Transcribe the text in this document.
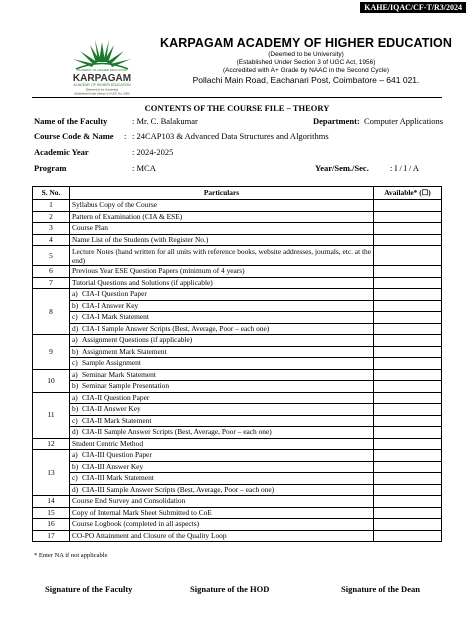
KAHE/IQAC/CF-T/R3/2024
ACADEMY OF HIGHER EDUCATION
KARPAGAM
ACADEMY OF HIGHER EDUCATION
(Deemed to be University)
(Established Under Section 3 of UGC Act, 1956)
KARPAGAM ACADEMY OF HIGHER EDUCATION
(Deemed to be University)
(Established Under Section 3 of UGC Act, 1956)
(Accredited with A+ Grade by NAAC in the Second Cycle)
Pollachi Main Road, Eachanari Post, Coimbatore – 641 021.
CONTENTS OF THE COURSE FILE – THEORY
Name of the Faculty	: Mr. C. Balakumar	Department: Computer Applications
Course Code & Name : : 24CAP103 & Advanced Data Structures and Algorithms
Academic Year	: 2024-2025
Program	: MCA	Year/Sem./Sec. : I / I / A
S. No.	Particulars	Available* (☐)
1	Syllabus Copy of the Course	
2	Pattern of Examination (CIA & ESE)	
3	Course Plan	
4	Name List of the Students (with Register No.)	
5	Lecture Notes (hand written for all units with reference books, website addresses, journals, etc. at the end)	
6	Previous Year ESE Question Papers (minimum of 4 years)	
7	Tutorial Questions and Solutions (if applicable)	
8	a) CIA-I Question Paper	

	b) CIA-I Answer Key	

	c) CIA-I Mark Statement	

	d) CIA-I Sample Answer Scripts (Best, Average, Poor – each one)	

9	a) Assignment Questions (if applicable)	

	b) Assignment Mark Statement	

	c) Sample Assignment	

10	a) Seminar Mark Statement	

	b) Seminar Sample Presentation	

11	a) CIA-II Question Paper	

	b) CIA-II Answer Key	

	c) CIA-II Mark Statement	

	d) CIA-II Sample Answer Scripts (Best, Average, Poor – each one)	

12	Student Centric Method	
13	a) CIA-III Question Paper	

	b) CIA-III Answer Key	

	c) CIA-III Mark Statement	

	d) CIA-III Sample Answer Scripts (Best, Average, Poor – each one)	

14	Course End Survey and Consolidation	
15	Copy of Internal Mark Sheet Submitted to CoE	
16	Course Logbook (completed in all aspects)	
17	CO-PO Attainment and Closure of the Quality Loop	
* Enter NA if not applicable
Signature of the Faculty	Signature of the HOD	Signature of the Dean
